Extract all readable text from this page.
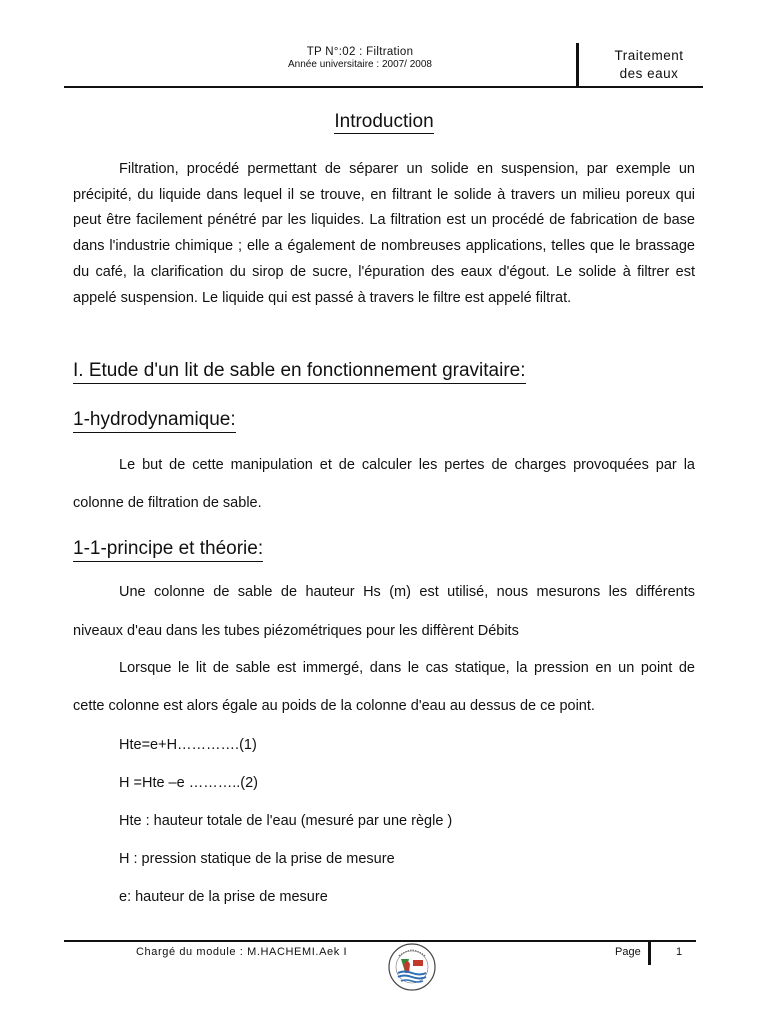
TP N°:02 : Filtration
Année universitaire : 2007/ 2008
Traitement
des eaux
Introduction
Filtration, procédé permettant de séparer un solide en suspension, par exemple un précipité, du liquide dans lequel il se trouve, en filtrant le solide à travers un milieu poreux qui peut être facilement pénétré par les liquides. La filtration est un procédé de fabrication de base dans l'industrie chimique ; elle a également de nombreuses applications, telles que le brassage du café, la clarification du sirop de sucre, l'épuration des eaux d'égout. Le solide à filtrer est appelé suspension. Le liquide qui est passé à travers le filtre est appelé filtrat.
I. Etude d'un lit de sable en fonctionnement gravitaire:
1-hydrodynamique:
Le but de cette manipulation et de calculer les pertes de charges provoquées par la
colonne de filtration de sable.
1-1-principe et théorie:
Une colonne de sable de hauteur Hs (m) est utilisé, nous mesurons les différents
niveaux d'eau dans les tubes piézométriques pour les diffèrent Débits
Lorsque le lit de sable est immergé, dans le cas statique, la pression en un point de
cette colonne est alors égale au poids de la colonne d'eau au dessus de ce point.
Hte=e+H………….(1)
H =Hte –e ………..(2)
Hte : hauteur totale de l'eau (mesuré par une règle )
H : pression statique de la prise de mesure
e: hauteur de la prise de mesure
Chargé du module : M.HACHEMI.Aek I	Page	1
